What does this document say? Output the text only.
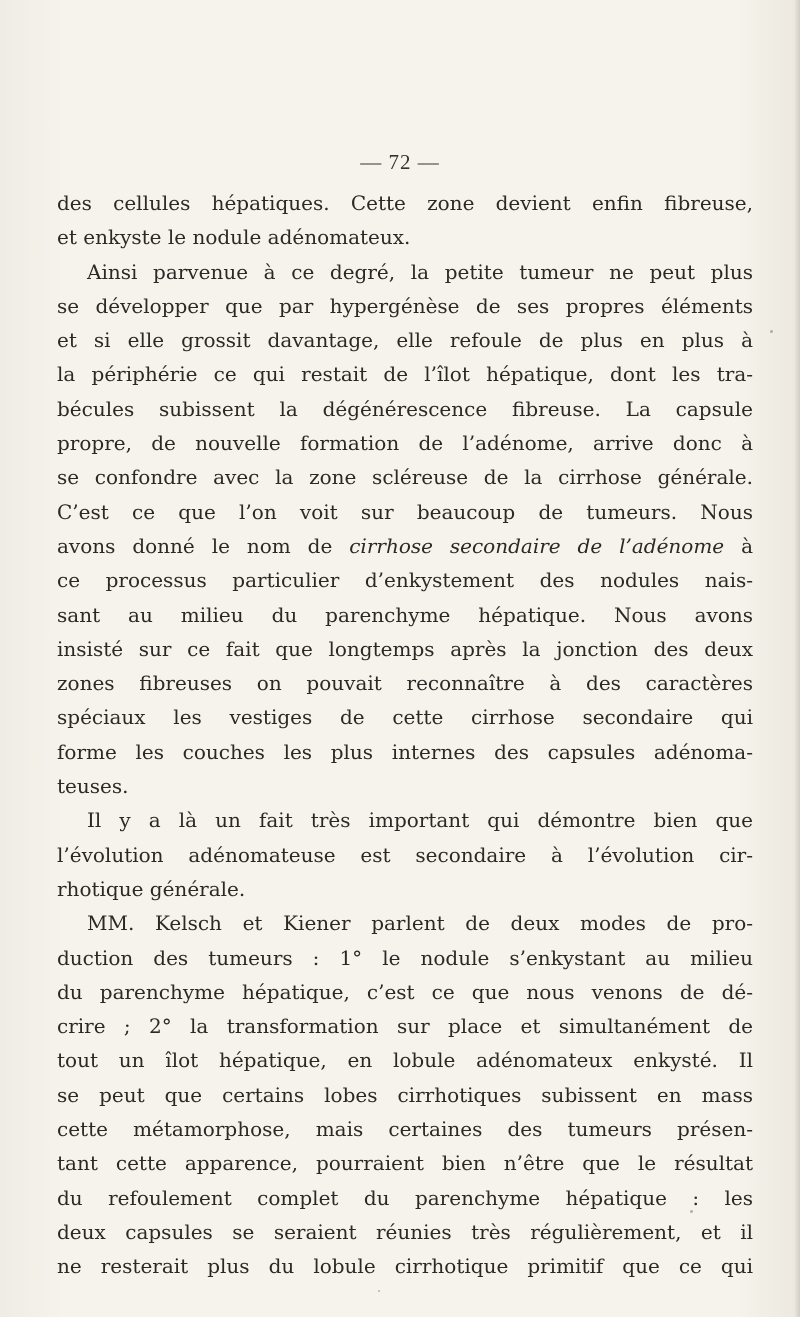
— 72 —
des cellules hépatiques. Cette zone devient enfin fibreuse,
et enkyste le nodule adénomateux.
Ainsi parvenue à ce degré, la petite tumeur ne peut plus
se développer que par hypergénèse de ses propres éléments
et si elle grossit davantage, elle refoule de plus en plus à
la périphérie ce qui restait de l’îlot hépatique, dont les tra-
bécules subissent la dégénérescence fibreuse. La capsule
propre, de nouvelle formation de l’adénome, arrive donc à
se confondre avec la zone scléreuse de la cirrhose générale.
C’est ce que l’on voit sur beaucoup de tumeurs. Nous
avons donné le nom de cirrhose secondaire de l’adénome à
ce processus particulier d’enkystement des nodules nais-
sant au milieu du parenchyme hépatique. Nous avons
insisté sur ce fait que longtemps après la jonction des deux
zones fibreuses on pouvait reconnaître à des caractères
spéciaux les vestiges de cette cirrhose secondaire qui
forme les couches les plus internes des capsules adénoma-
teuses.
Il y a là un fait très important qui démontre bien que
l’évolution adénomateuse est secondaire à l’évolution cir-
rhotique générale.
MM. Kelsch et Kiener parlent de deux modes de pro-
duction des tumeurs : 1° le nodule s’enkystant au milieu
du parenchyme hépatique, c’est ce que nous venons de dé-
crire ; 2° la transformation sur place et simultanément de
tout un îlot hépatique, en lobule adénomateux enkysté. Il
se peut que certains lobes cirrhotiques subissent en mass
cette métamorphose, mais certaines des tumeurs présen-
tant cette apparence, pourraient bien n’être que le résultat
du refoulement complet du parenchyme hépatique : les
deux capsules se seraient réunies très régulièrement, et il
ne resterait plus du lobule cirrhotique primitif que ce qui
